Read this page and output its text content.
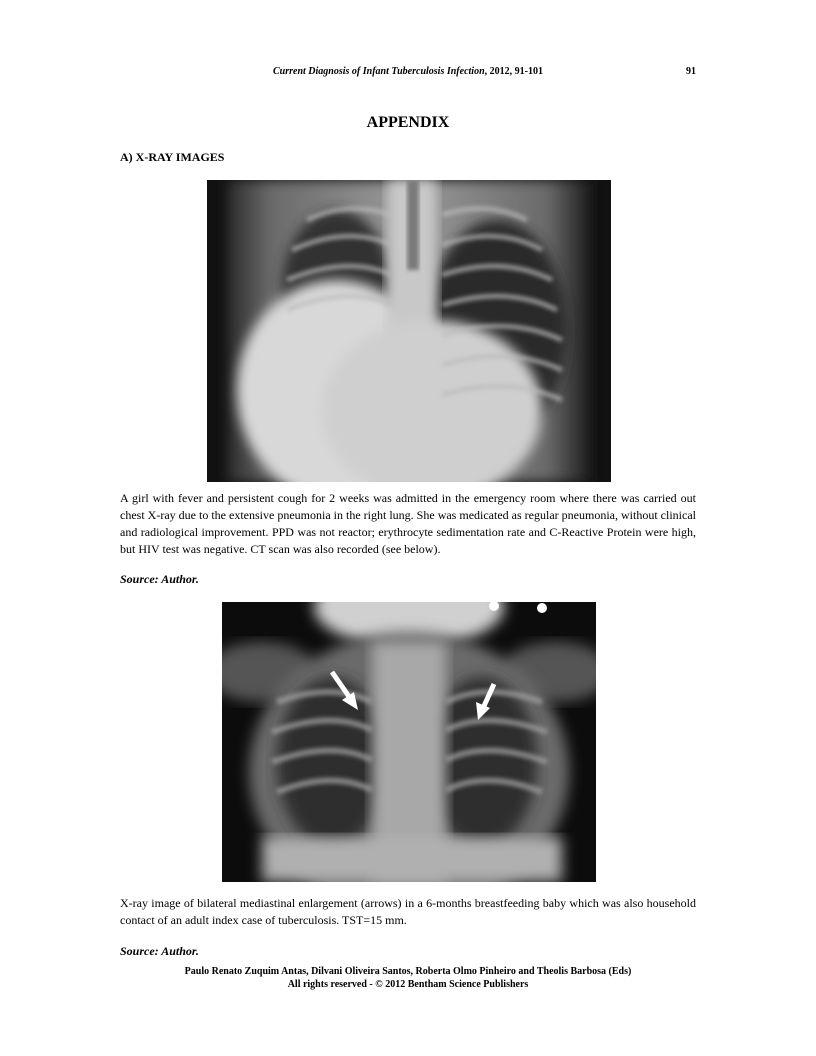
Current Diagnosis of Infant Tuberculosis Infection, 2012, 91-101	91
APPENDIX
A) X-RAY IMAGES
A girl with fever and persistent cough for 2 weeks was admitted in the emergency room where there was carried out chest X-ray due to the extensive pneumonia in the right lung. She was medicated as regular pneumonia, without clinical and radiological improvement. PPD was not reactor; erythrocyte sedimentation rate and C-Reactive Protein were high, but HIV test was negative. CT scan was also recorded (see below).
Source: Author.
X-ray image of bilateral mediastinal enlargement (arrows) in a 6-months breastfeeding baby which was also household contact of an adult index case of tuberculosis. TST=15 mm.
Source: Author.
Paulo Renato Zuquim Antas, Dilvani Oliveira Santos, Roberta Olmo Pinheiro and Theolis Barbosa (Eds)
All rights reserved - © 2012 Bentham Science Publishers
